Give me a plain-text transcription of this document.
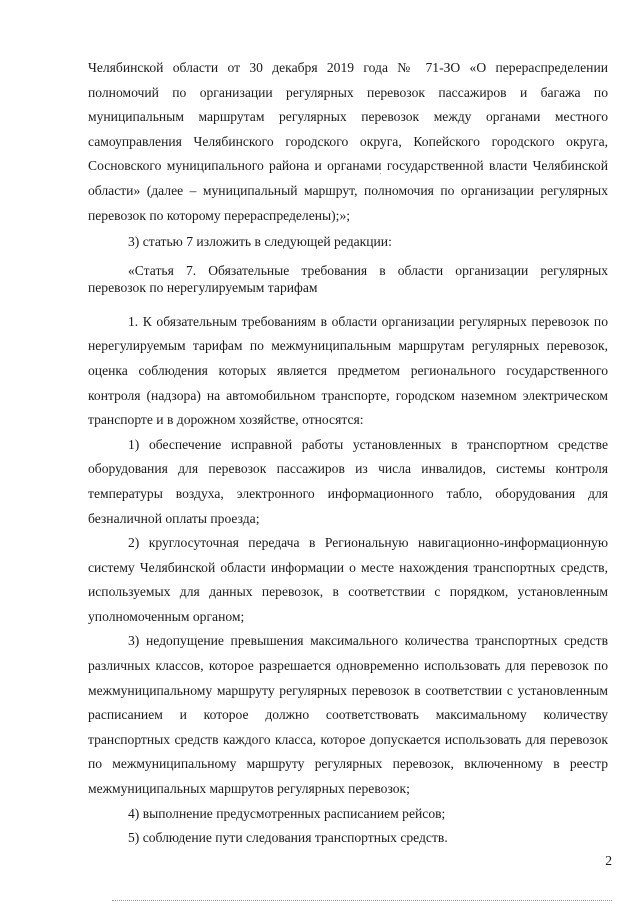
Челябинской области от 30 декабря 2019 года № 71-ЗО «О перераспределении полномочий по организации регулярных перевозок пассажиров и багажа по муниципальным маршрутам регулярных перевозок между органами местного самоуправления Челябинского городского округа, Копейского городского округа, Сосновского муниципального района и органами государственной власти Челябинской области» (далее – муниципальный маршрут, полномочия по организации регулярных перевозок по которому перераспределены);»;

3) статью 7 изложить в следующей редакции:

«Статья 7. Обязательные требования в области организации регулярных перевозок по нерегулируемым тарифам

1. К обязательным требованиям в области организации регулярных перевозок по нерегулируемым тарифам по межмуниципальным маршрутам регулярных перевозок, оценка соблюдения которых является предметом регионального государственного контроля (надзора) на автомобильном транспорте, городском наземном электрическом транспорте и в дорожном хозяйстве, относятся:

1) обеспечение исправной работы установленных в транспортном средстве оборудования для перевозок пассажиров из числа инвалидов, системы контроля температуры воздуха, электронного информационного табло, оборудования для безналичной оплаты проезда;

2) круглосуточная передача в Региональную навигационно-информационную систему Челябинской области информации о месте нахождения транспортных средств, используемых для данных перевозок, в соответствии с порядком, установленным уполномоченным органом;

3) недопущение превышения максимального количества транспортных средств различных классов, которое разрешается одновременно использовать для перевозок по межмуниципальному маршруту регулярных перевозок в соответствии с установленным расписанием и которое должно соответствовать максимальному количеству транспортных средств каждого класса, которое допускается использовать для перевозок по межмуниципальному маршруту регулярных перевозок, включенному в реестр межмуниципальных маршрутов регулярных перевозок;

4) выполнение предусмотренных расписанием рейсов;

5) соблюдение пути следования транспортных средств.

2
